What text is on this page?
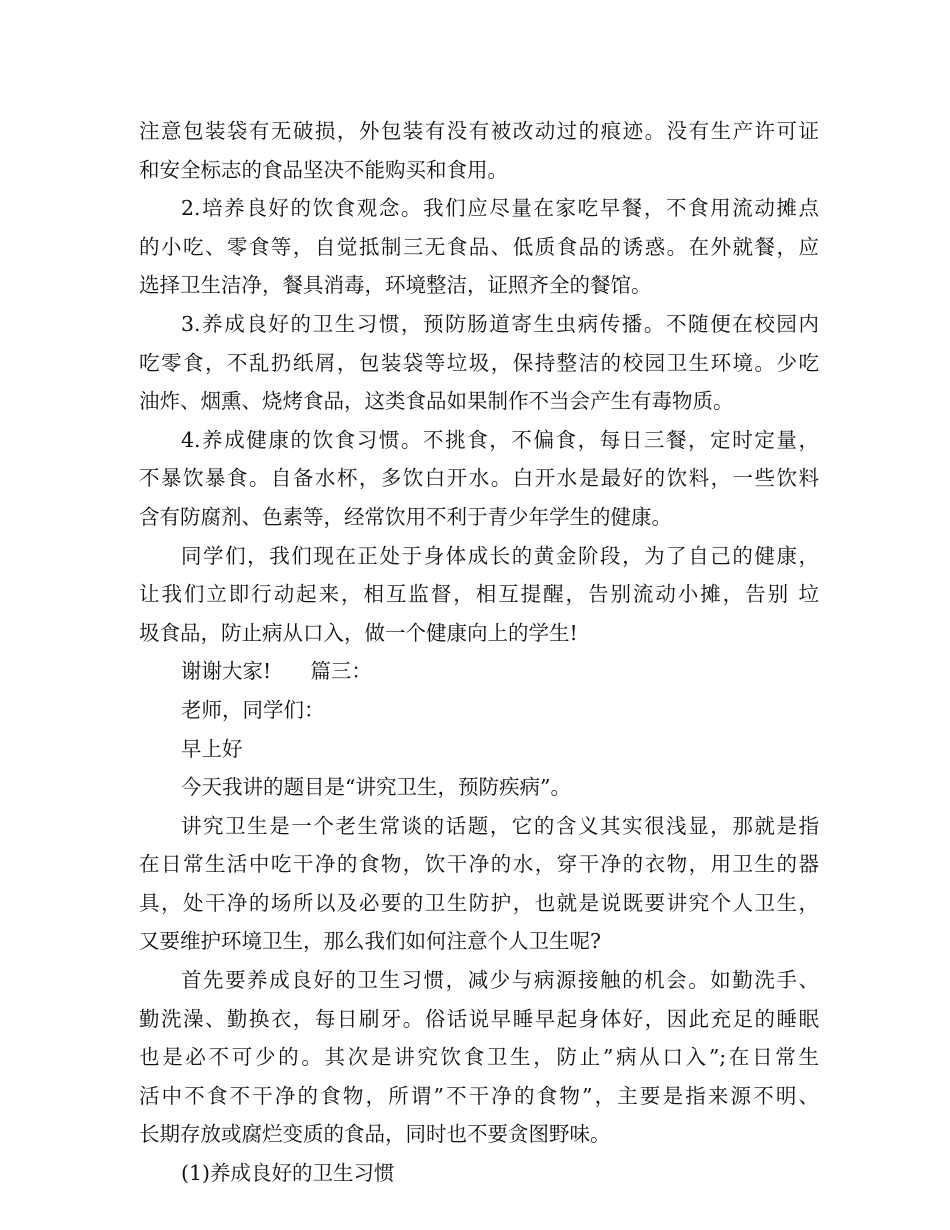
注意包装袋有无破损，外包装有没有被改动过的痕迹。没有生产许可证
和安全标志的食品坚决不能购买和食用。
2.培养良好的饮食观念。我们应尽量在家吃早餐，不食用流动摊点
的小吃、零食等，自觉抵制三无食品、低质食品的诱惑。在外就餐，应
选择卫生洁净，餐具消毒，环境整洁，证照齐全的餐馆。
3.养成良好的卫生习惯，预防肠道寄生虫病传播。不随便在校园内
吃零食，不乱扔纸屑，包装袋等垃圾，保持整洁的校园卫生环境。少吃
油炸、烟熏、烧烤食品，这类食品如果制作不当会产生有毒物质。
4.养成健康的饮食习惯。不挑食，不偏食，每日三餐，定时定量，
不暴饮暴食。自备水杯，多饮白开水。白开水是最好的饮料，一些饮料
含有防腐剂、色素等，经常饮用不利于青少年学生的健康。
同学们，我们现在正处于身体成长的黄金阶段，为了自己的健康，
让我们立即行动起来，相互监督，相互提醒，告别流动小摊，告别 垃
圾食品，防止病从口入，做一个健康向上的学生!
谢谢大家!      篇三：
老师，同学们：
早上好
今天我讲的题目是“讲究卫生，预防疾病”。
讲究卫生是一个老生常谈的话题，它的含义其实很浅显，那就是指
在日常生活中吃干净的食物，饮干净的水，穿干净的衣物，用卫生的器
具，处干净的场所以及必要的卫生防护，也就是说既要讲究个人卫生，
又要维护环境卫生，那么我们如何注意个人卫生呢?
首先要养成良好的卫生习惯，减少与病源接触的机会。如勤洗手、
勤洗澡、勤换衣，每日刷牙。俗话说早睡早起身体好，因此充足的睡眠
也是必不可少的。其次是讲究饮食卫生，防止”病从口入”;在日常生
活中不食不干净的食物，所谓”不干净的食物”，主要是指来源不明、
长期存放或腐烂变质的食品，同时也不要贪图野味。
(1)养成良好的卫生习惯
